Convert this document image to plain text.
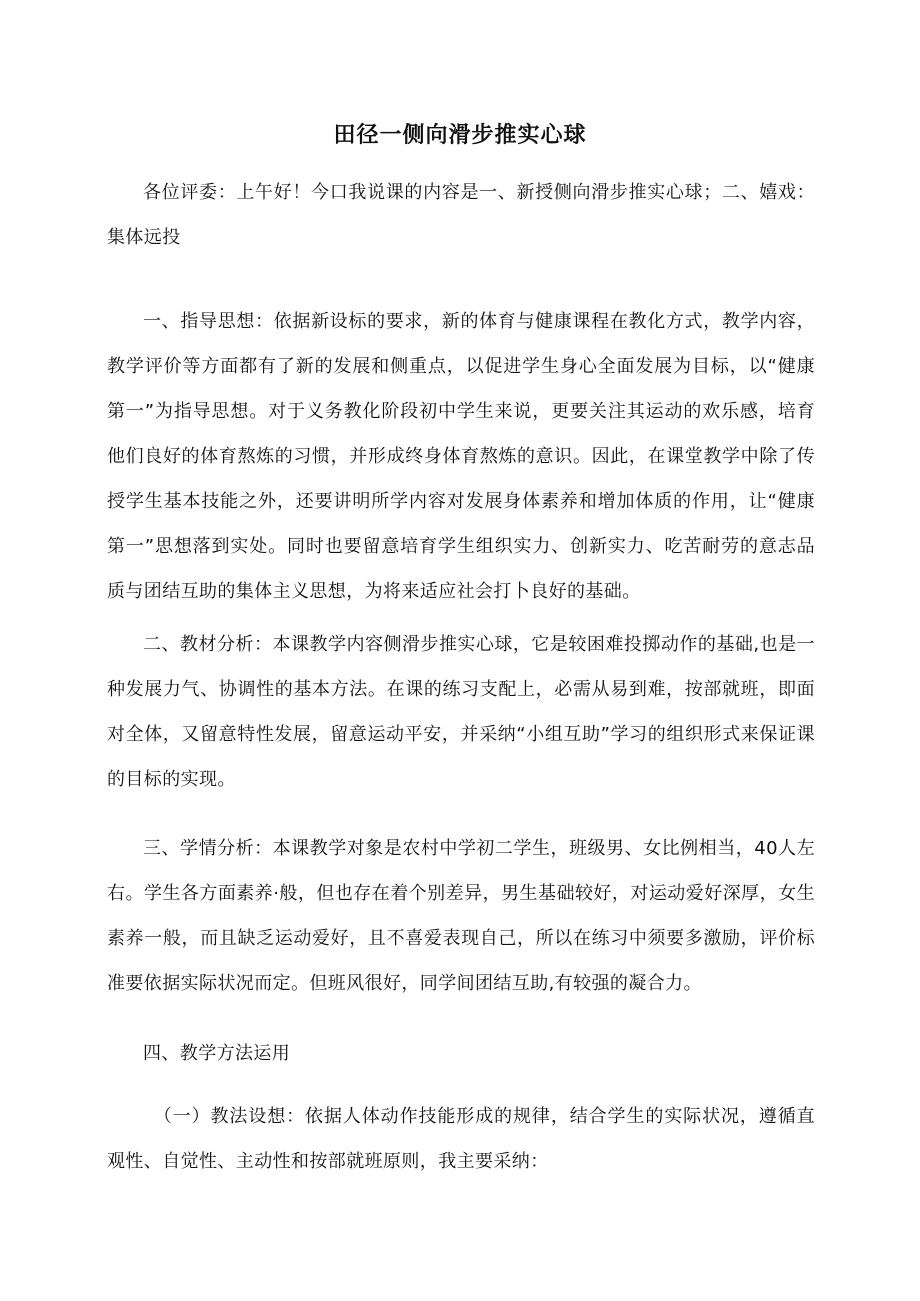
田径一侧向滑步推实心球

各位评委：上午好！今口我说课的内容是一、新授侧向滑步推实心球；二、嬉戏：集体远投

一、指导思想：依据新设标的要求，新的体育与健康课程在教化方式，教学内容，教学评价等方面都有了新的发展和侧重点，以促进学生身心全面发展为目标，以“健康第一”为指导思想。对于义务教化阶段初中学生来说，更要关注其运动的欢乐感，培育他们良好的体育熬炼的习惯，并形成终身体育熬炼的意识。因此，在课堂教学中除了传授学生基本技能之外，还要讲明所学内容对发展身体素养和增加体质的作用，让“健康第一”思想落到实处。同时也要留意培育学生组织实力、创新实力、吃苦耐劳的意志品质与团结互助的集体主义思想，为将来适应社会打卜良好的基础。

二、教材分析：本课教学内容侧滑步推实心球，它是较困难投掷动作的基础,也是一种发展力气、协调性的基本方法。在课的练习支配上，必需从易到难，按部就班，即面对全体，又留意特性发展，留意运动平安，并采纳“小组互助”学习的组织形式来保证课的目标的实现。

三、学情分析：本课教学对象是农村中学初二学生，班级男、女比例相当，40人左右。学生各方面素养·般，但也存在着个别差异，男生基础较好，对运动爱好深厚，女生素养一般，而且缺乏运动爱好，且不喜爱表现自己，所以在练习中须要多激励，评价标准要依据实际状况而定。但班风很好，同学间团结互助,有较强的凝合力。

四、教学方法运用

（一）教法设想：依据人体动作技能形成的规律，结合学生的实际状况，遵循直观性、自觉性、主动性和按部就班原则，我主要采纳：
